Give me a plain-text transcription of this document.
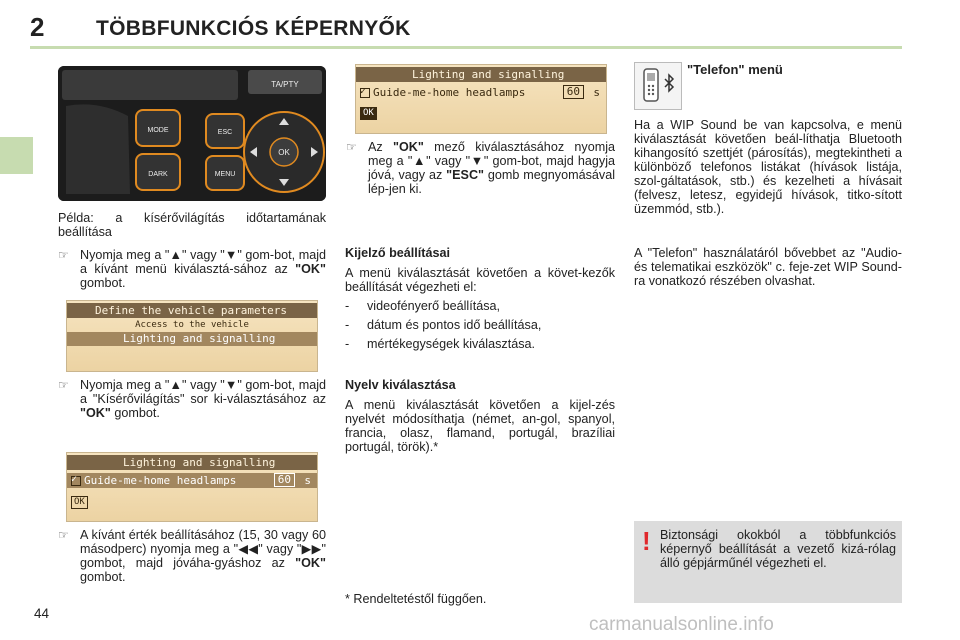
2 TÖBBFUNKCIÓS KÉPERNYŐK
TA/PTY
MODE
DARK
ESC
MENU
OK

Példa: a kísérővilágítás időtartamának beállítása

☞ Nyomja meg a "▲" vagy "▼" gom-bot, majd a kívánt menü kiválasztá-sához az "OK" gombot.
Define the vehicle parameters
Access to the vehicle
Lighting and signalling
☞ Nyomja meg a "▲" vagy "▼" gom-bot, majd a "Kísérővilágítás" sor ki-választásához az "OK" gombot.
Lighting and signalling
✓Guide-me-home headlamps	60	s
OK
☞ A kívánt érték beállításához (15, 30 vagy 60 másodperc) nyomja meg a "◀◀" vagy "▶▶" gombot, majd jóváha-gyáshoz az "OK" gombot.
Lighting and signalling
✓Guide-me-home headlamps	60	s
OK
☞ Az "OK" mező kiválasztásához nyomja meg a "▲" vagy "▼" gom-bot, majd hagyja jóvá, vagy az "ESC" gomb megnyomásával lép-jen ki.

Kijelző beállításai

A menü kiválasztását követően a követ-kezők beállítását végezheti el:

- videofényerő beállítása,
- dátum és pontos idő beállítása,
- mértékegységek kiválasztása.

Nyelv kiválasztása

A menü kiválasztását követően a kijel-zés nyelvét módosíthatja (német, an-gol, spanyol, francia, olasz, flamand, portugál, brazíliai portugál, török).*

* Rendeltetéstől függően.

"Telefon" menü

Ha a WIP Sound be van kapcsolva, e menü kiválasztását követően beál-líthatja Bluetooth kihangosító szettjét (párosítás), megtekintheti a különböző telefonos listákat (hívások listája, szol-gáltatások, stb.) és kezelheti a hívásait (felvesz, letesz, egyidejű hívások, titko-sított üzemmód, stb.).

A "Telefon" használatáról bővebbet az "Audio- és telematikai eszközök" c. feje-zet WIP Sound-ra vonatkozó részében olvashat.

! Biztonsági okokból a többfunkciós képernyő beállítását a vezető kizá-rólag álló gépjárműnél végezheti el.

44
carmanualsonline.info
